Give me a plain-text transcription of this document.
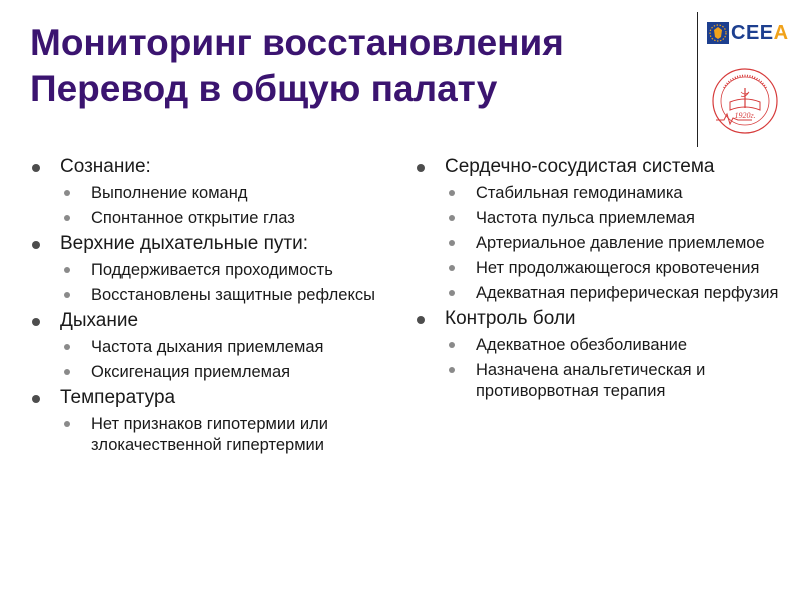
Мониторинг восстановления
Перевод в общую палату
CEEA
1920г.
Сознание:
Выполнение команд
Спонтанное открытие глаз
Верхние дыхательные пути:
Поддерживается проходимость
Восстановлены защитные рефлексы
Дыхание
Частота дыхания приемлемая
Оксигенация приемлемая
Температура
Нет признаков гипотермии или злокачественной гипертермии
Сердечно-сосудистая система
Стабильная гемодинамика
Частота пульса приемлемая
Артериальное давление приемлемое
Нет продолжающегося кровотечения
Адекватная периферическая перфузия
Контроль боли
Адекватное обезболивание
Назначена анальгетическая и противорвотная терапия
